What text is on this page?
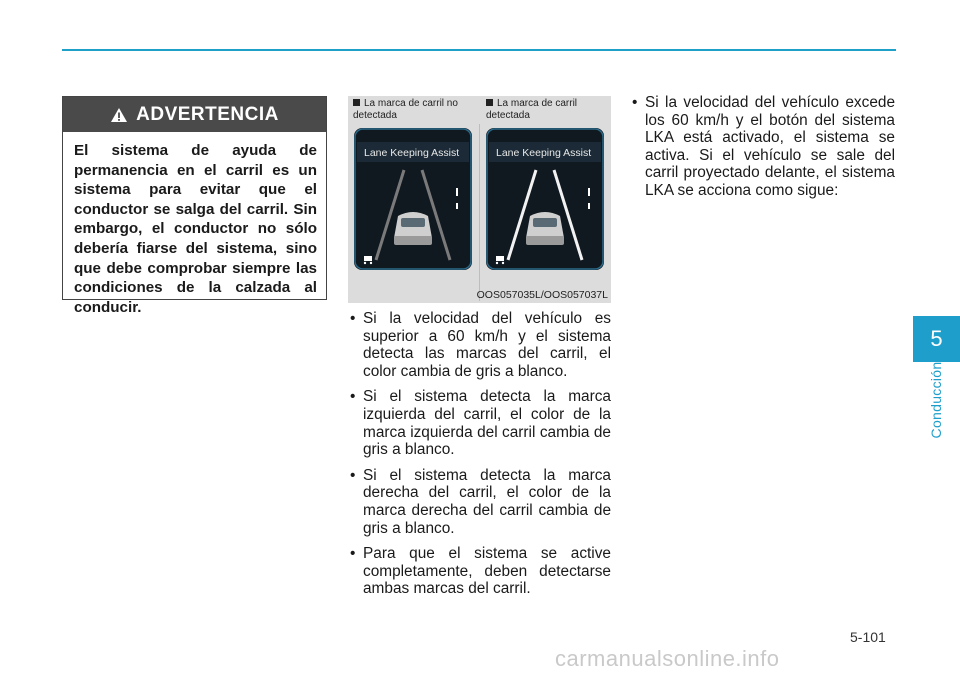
ADVERTENCIA
El sistema de ayuda de permanencia en el carril es un sistema para evitar que el conductor se salga del carril. Sin embargo, el conductor no sólo debería fiarse del sistema, sino que debe comprobar siempre las condiciones de la calzada al conducir.
La marca de carril no detectada
La marca de carril detectada
Lane Keeping Assist	Lane Keeping Assist
OOS057035L/OOS057037L
• Si la velocidad del vehículo es superior a 60 km/h y el sistema detecta las marcas del carril, el color cambia de gris a blanco.
• Si el sistema detecta la marca izquierda del carril, el color de la marca izquierda del carril cambia de gris a blanco.
• Si el sistema detecta la marca derecha del carril, el color de la marca derecha del carril cambia de gris a blanco.
• Para que el sistema se active completamente, deben detectarse ambas marcas del carril.
• Si la velocidad del vehículo excede los 60 km/h y el botón del sistema LKA está activado, el sistema se activa. Si el vehículo se sale del carril proyectado delante, el sistema LKA se acciona como sigue:
5
Conducción
5-101
carmanualsonline.info
